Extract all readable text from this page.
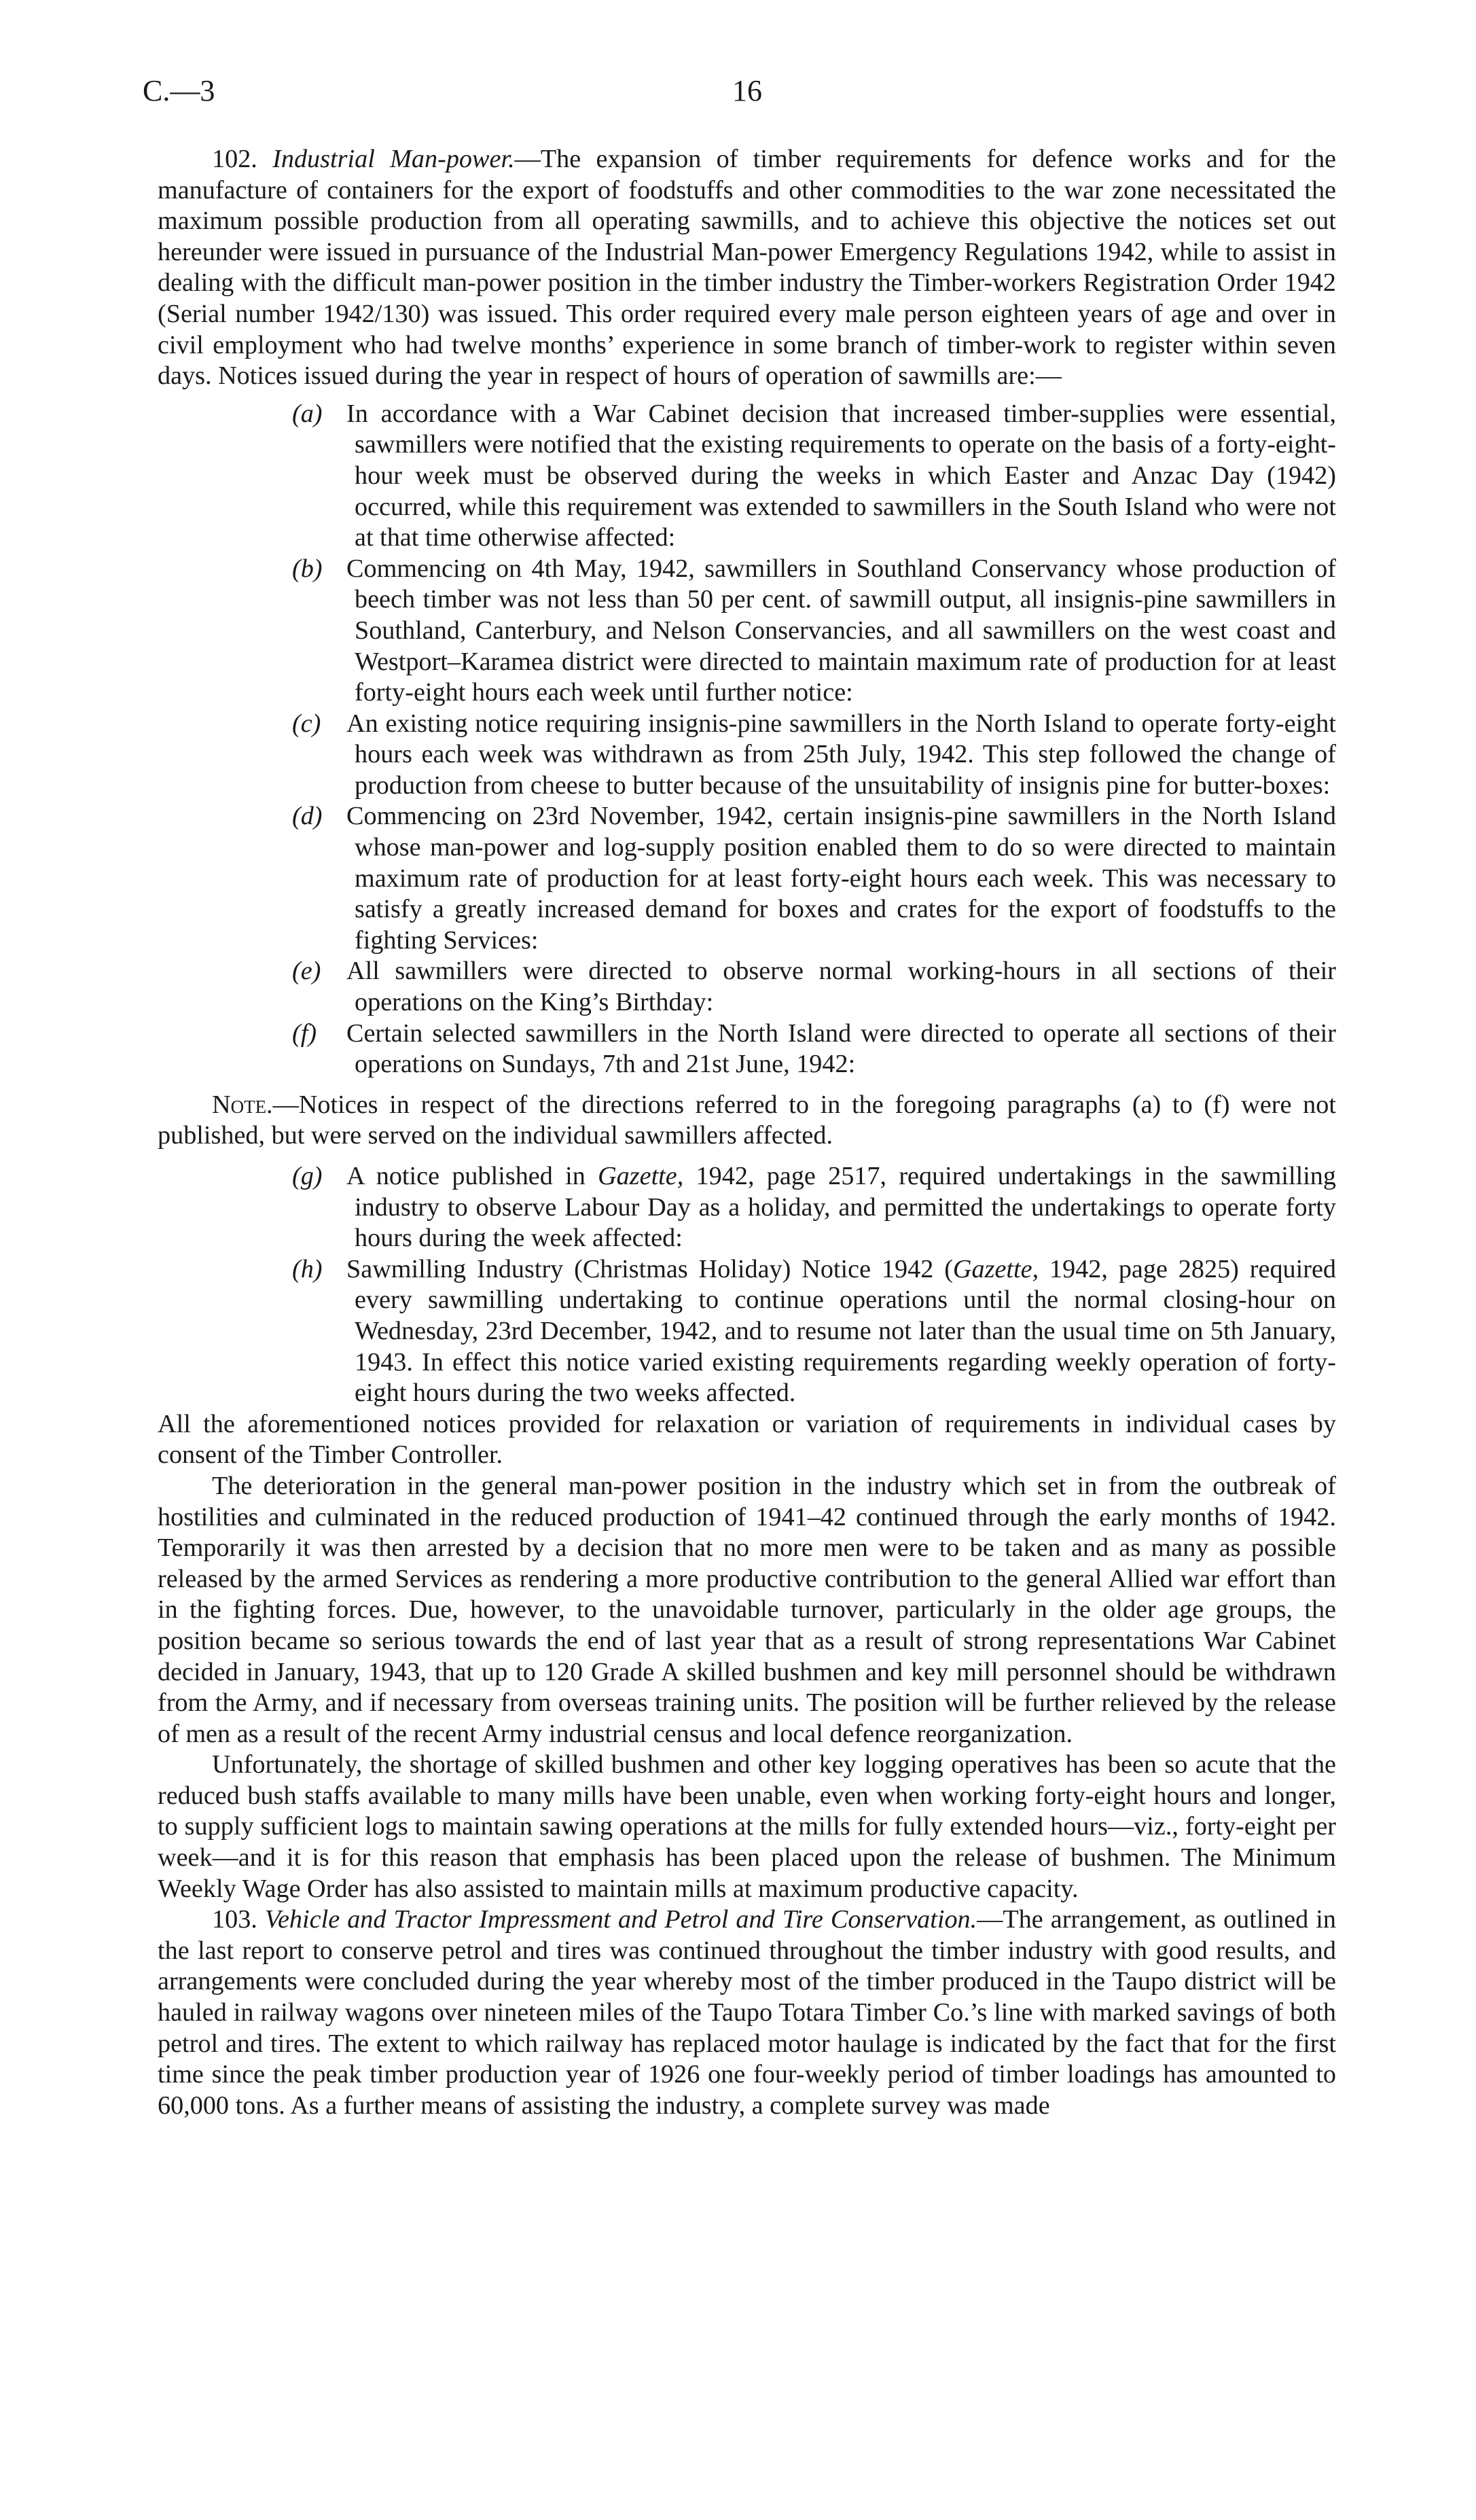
C.—3	16

102. Industrial Man-power.—The expansion of timber requirements for defence works and for the manufacture of containers for the export of foodstuffs and other commodities to the war zone necessitated the maximum possible production from all operating sawmills, and to achieve this objective the notices set out hereunder were issued in pursuance of the Industrial Man-power Emergency Regulations 1942, while to assist in dealing with the difficult man-power position in the timber industry the Timber-workers Registration Order 1942 (Serial number 1942/130) was issued. This order required every male person eighteen years of age and over in civil employment who had twelve months’ experience in some branch of timber-work to register within seven days. Notices issued during the year in respect of hours of operation of sawmills are:—

(a) In accordance with a War Cabinet decision that increased timber-supplies were essential, sawmillers were notified that the existing requirements to operate on the basis of a forty-eight-hour week must be observed during the weeks in which Easter and Anzac Day (1942) occurred, while this requirement was extended to sawmillers in the South Island who were not at that time otherwise affected:
(b) Commencing on 4th May, 1942, sawmillers in Southland Conservancy whose production of beech timber was not less than 50 per cent. of sawmill output, all insignis-pine sawmillers in Southland, Canterbury, and Nelson Conservancies, and all sawmillers on the west coast and Westport–Karamea district were directed to maintain maximum rate of production for at least forty-eight hours each week until further notice:
(c) An existing notice requiring insignis-pine sawmillers in the North Island to operate forty-eight hours each week was withdrawn as from 25th July, 1942. This step followed the change of production from cheese to butter because of the unsuitability of insignis pine for butter-boxes:
(d) Commencing on 23rd November, 1942, certain insignis-pine sawmillers in the North Island whose man-power and log-supply position enabled them to do so were directed to maintain maximum rate of production for at least forty-eight hours each week. This was necessary to satisfy a greatly increased demand for boxes and crates for the export of foodstuffs to the fighting Services:
(e) All sawmillers were directed to observe normal working-hours in all sections of their operations on the King’s Birthday:
(f) Certain selected sawmillers in the North Island were directed to operate all sections of their operations on Sundays, 7th and 21st June, 1942:

Note.—Notices in respect of the directions referred to in the foregoing paragraphs (a) to (f) were not published, but were served on the individual sawmillers affected.

(g) A notice published in Gazette, 1942, page 2517, required undertakings in the sawmilling industry to observe Labour Day as a holiday, and permitted the undertakings to operate forty hours during the week affected:
(h) Sawmilling Industry (Christmas Holiday) Notice 1942 (Gazette, 1942, page 2825) required every sawmilling undertaking to continue operations until the normal closing-hour on Wednesday, 23rd December, 1942, and to resume not later than the usual time on 5th January, 1943. In effect this notice varied existing requirements regarding weekly operation of forty-eight hours during the two weeks affected.

All the aforementioned notices provided for relaxation or variation of requirements in individual cases by consent of the Timber Controller.

The deterioration in the general man-power position in the industry which set in from the outbreak of hostilities and culminated in the reduced production of 1941–42 continued through the early months of 1942. Temporarily it was then arrested by a decision that no more men were to be taken and as many as possible released by the armed Services as rendering a more productive contribution to the general Allied war effort than in the fighting forces. Due, however, to the unavoidable turnover, particularly in the older age groups, the position became so serious towards the end of last year that as a result of strong representations War Cabinet decided in January, 1943, that up to 120 Grade A skilled bushmen and key mill personnel should be withdrawn from the Army, and if necessary from overseas training units. The position will be further relieved by the release of men as a result of the recent Army industrial census and local defence reorganization.

Unfortunately, the shortage of skilled bushmen and other key logging operatives has been so acute that the reduced bush staffs available to many mills have been unable, even when working forty-eight hours and longer, to supply sufficient logs to maintain sawing operations at the mills for fully extended hours—viz., forty-eight per week—and it is for this reason that emphasis has been placed upon the release of bushmen. The Minimum Weekly Wage Order has also assisted to maintain mills at maximum productive capacity.

103. Vehicle and Tractor Impressment and Petrol and Tire Conservation.—The arrangement, as outlined in the last report to conserve petrol and tires was continued throughout the timber industry with good results, and arrangements were concluded during the year whereby most of the timber produced in the Taupo district will be hauled in railway wagons over nineteen miles of the Taupo Totara Timber Co.’s line with marked savings of both petrol and tires. The extent to which railway has replaced motor haulage is indicated by the fact that for the first time since the peak timber production year of 1926 one four-weekly period of timber loadings has amounted to 60,000 tons. As a further means of assisting the industry, a complete survey was made
